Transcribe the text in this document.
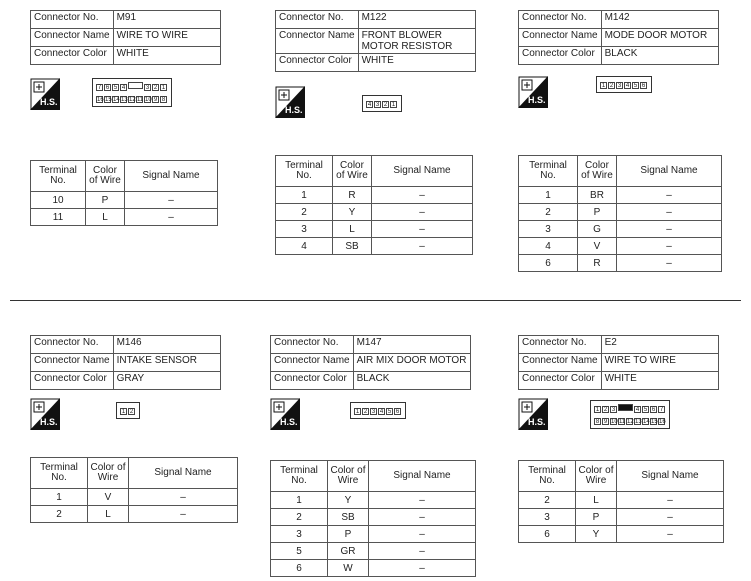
Connector No.	M91
Connector Name	WIRE TO WIRE
Connector Color	WHITE
H.S.
7 6 5 4	3 2 1
161514131211 10 9 8
Terminal No.	Color of Wire	Signal Name
10	P	–
11	L	–
Connector No.	M122
Connector Name	FRONT BLOWER MOTOR RESISTOR
Connector Color	WHITE
H.S.	4 3 2 1
Terminal No.	Color of Wire	Signal Name
1	R	–
2	Y	–
3	L	–
4	SB	–
Connector No.	M142
Connector Name	MODE DOOR MOTOR
Connector Color	BLACK
H.S.
1 2 3 4 5 6
Terminal No.	Color of Wire	Signal Name
1	BR	–
2	P	–
3	G	–
4	V	–
6	R	–
Connector No.	M146
Connector Name	INTAKE SENSOR
Connector Color	GRAY
H.S.
1 2
Terminal No.	Color of Wire	Signal Name
1	V	–
2	L	–
Connector No.	M147
Connector Name	AIR MIX DOOR MOTOR
Connector Color	BLACK
H.S.
1 2 3 4 5 6
Terminal No.	Color of Wire	Signal Name
1	Y	–
2	SB	–
3	P	–
5	GR	–
6	W	–
Connector No.	E2
Connector Name	WIRE TO WIRE
Connector Color	WHITE
H.S.
1 2 3	4 5 6 7
8 9 1011 1213141516
Terminal No.	Color of Wire	Signal Name
2	L	–
3	P	–
6	Y	–
